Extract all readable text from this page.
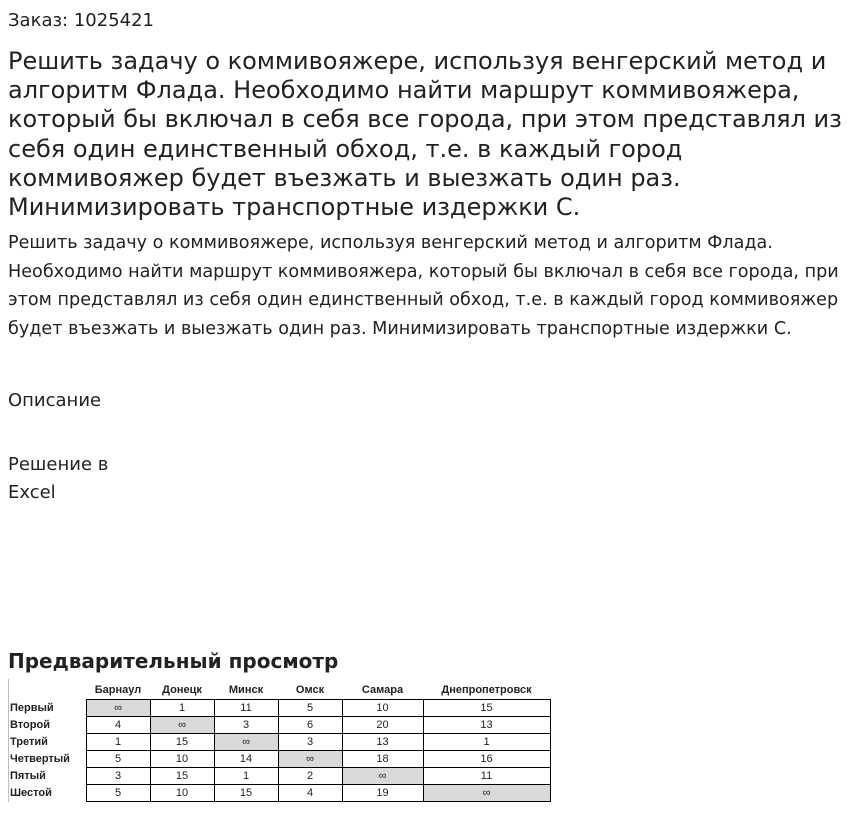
Заказ: 1025421
Решить задачу о коммивояжере, используя венгерский метод и алгоритм Флада. Необходимо найти маршрут коммивояжера, который бы включал в себя все города, при этом представлял из себя один единственный обход, т.е. в каждый город коммивояжер будет въезжать и выезжать один раз. Минимизировать транспортные издержки С.

Решить задачу о коммивояжере, используя венгерский метод и алгоритм Флада. Необходимо найти маршрут коммивояжера, который бы включал в себя все города, при этом представлял из себя один единственный обход, т.е. в каждый город коммивояжер будет въезжать и выезжать один раз. Минимизировать транспортные издержки С.

Описание
Решение в
Excel
Предварительный просмотр
	Барнаул	Донецк	Минск	Омск	Самара	Днепропетровск
Первый	∞	1	11	5	10	15
Второй	4	∞	3	6	20	13
Третий	1	15	∞	3	13	1
Четвертый	5	10	14	∞	18	16
Пятый	3	15	1	2	∞	11
Шестой	5	10	15	4	19	∞
